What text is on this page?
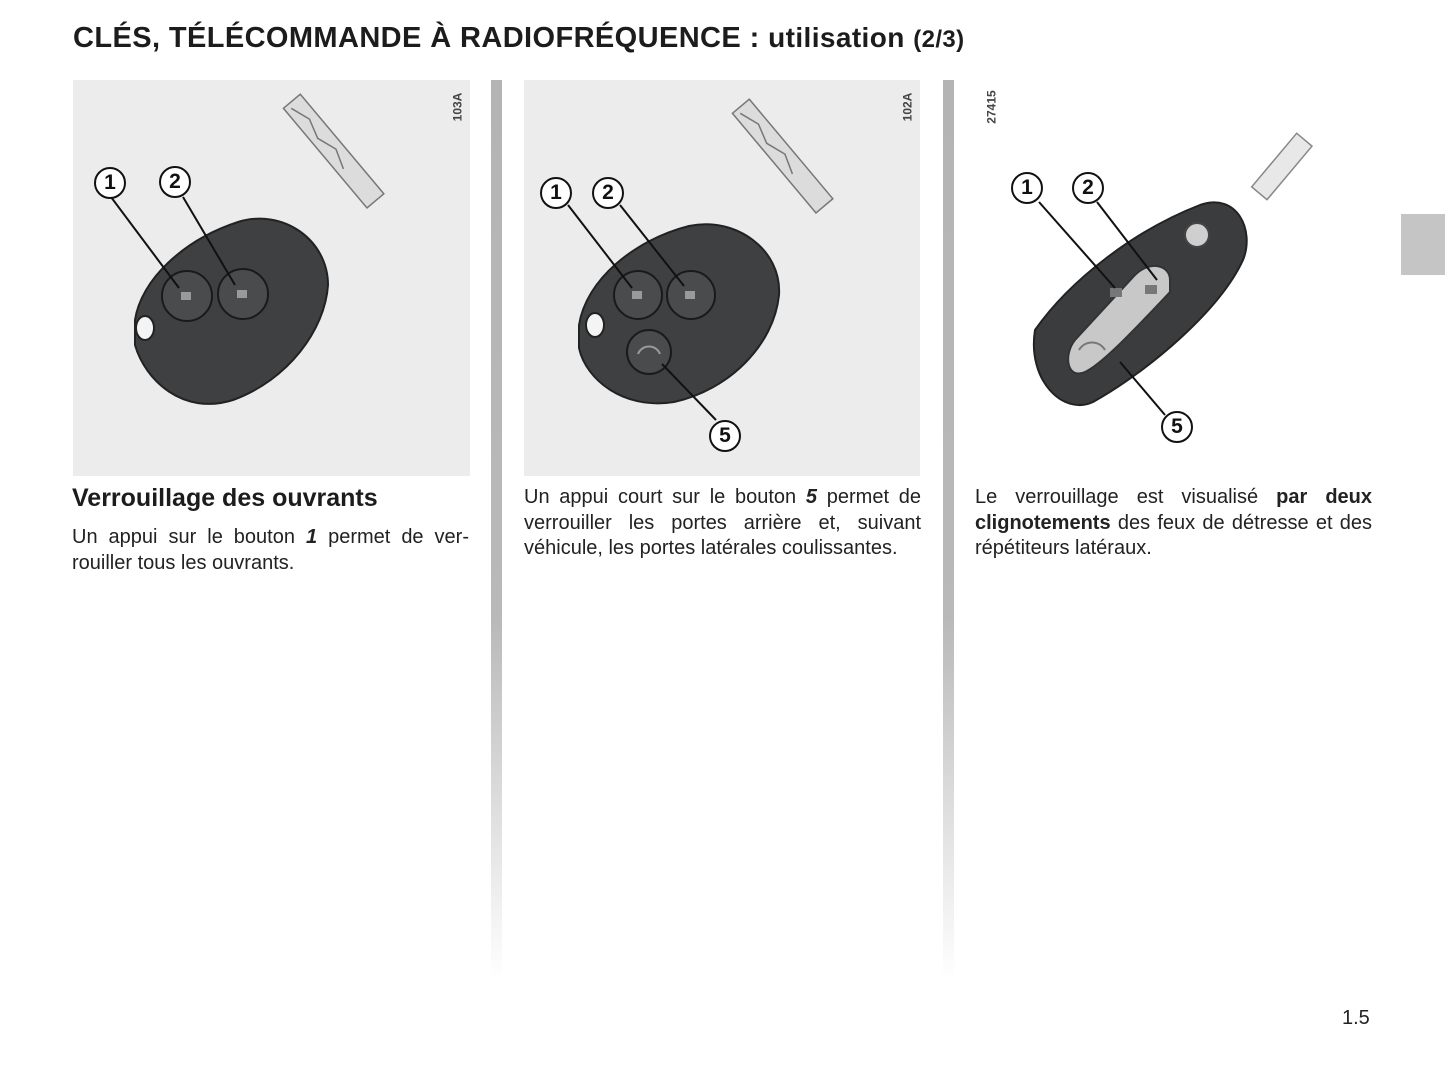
CLÉS, TÉLÉCOMMANDE À RADIOFRÉQUENCE : utilisation (2/3)
103A
1	2
102A
1	2
5
27415
1	2
5
Verrouillage des ouvrants

Un appui sur le bouton 1 permet de verrouiller tous les ouvrants.

Un appui court sur le bouton 5 permet de verrouiller les portes arrière et, suivant véhicule, les portes latérales coulissantes.

Le verrouillage est visualisé par deux clignotements des feux de détresse et des répétiteurs latéraux.

1.5
